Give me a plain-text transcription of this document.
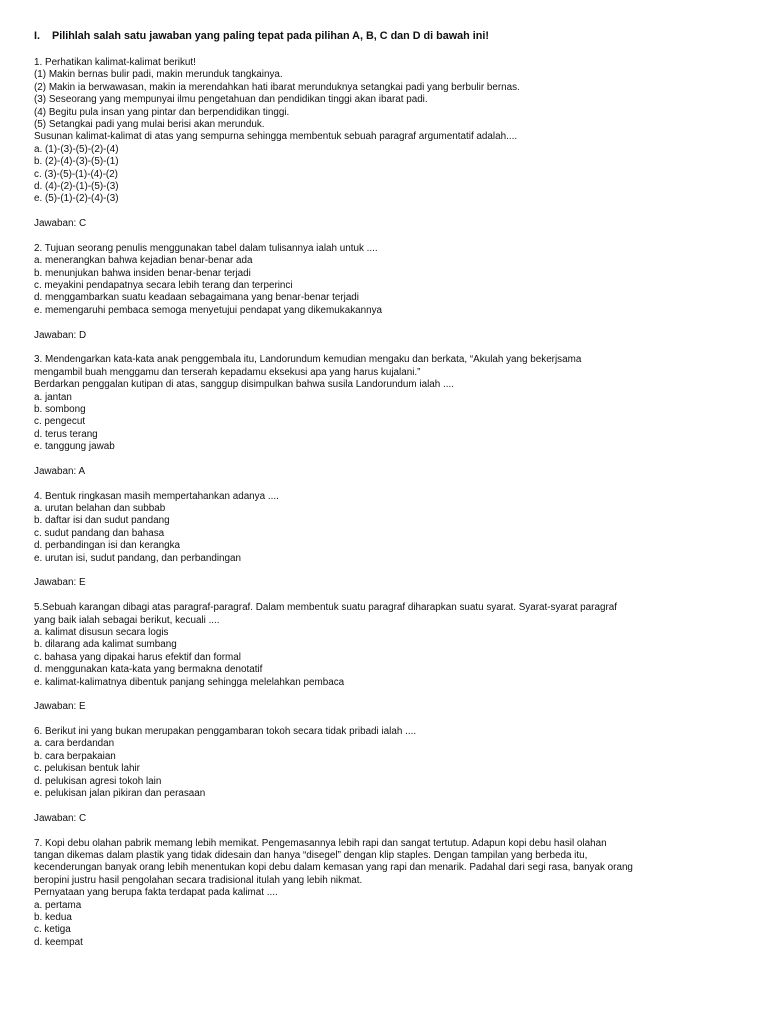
I. Pilihlah salah satu jawaban yang paling tepat pada pilihan A, B, C dan D di bawah ini!
1. Perhatikan kalimat-kalimat berikut!
(1) Makin bernas bulir padi, makin merunduk tangkainya.
(2) Makin ia berwawasan, makin ia merendahkan hati ibarat merunduknya setangkai padi yang berbulir bernas.
(3) Seseorang yang mempunyai ilmu pengetahuan dan pendidikan tinggi akan ibarat padi.
(4) Begitu pula insan yang pintar dan berpendidikan tinggi.
(5) Setangkai padi yang mulai berisi akan merunduk.
Susunan kalimat-kalimat di atas yang sempurna sehingga membentuk sebuah paragraf argumentatif adalah....
a. (1)-(3)-(5)-(2)-(4)
b. (2)-(4)-(3)-(5)-(1)
c. (3)-(5)-(1)-(4)-(2)
d. (4)-(2)-(1)-(5)-(3)
e. (5)-(1)-(2)-(4)-(3)
Jawaban: C
2. Tujuan seorang penulis menggunakan tabel dalam tulisannya ialah untuk ....
a. menerangkan bahwa kejadian benar-benar ada
b. menunjukan bahwa insiden benar-benar terjadi
c. meyakini pendapatnya secara lebih terang dan terperinci
d. menggambarkan suatu keadaan sebagaimana yang benar-benar terjadi
e. memengaruhi pembaca semoga menyetujui pendapat yang dikemukakannya
Jawaban: D
3. Mendengarkan kata-kata anak penggembala itu, Landorundum kemudian mengaku dan berkata, “Akulah yang bekerjsama
mengambil buah menggamu dan terserah kepadamu eksekusi apa yang harus kujalani.”
Berdarkan penggalan kutipan di atas, sanggup disimpulkan bahwa susila Landorundum ialah ....
a. jantan
b. sombong
c. pengecut
d. terus terang
e. tanggung jawab
Jawaban: A
4. Bentuk ringkasan masih mempertahankan adanya ....
a. urutan belahan dan subbab
b. daftar isi dan sudut pandang
c. sudut pandang dan bahasa
d. perbandingan isi dan kerangka
e. urutan isi, sudut pandang, dan perbandingan
Jawaban: E
5.Sebuah karangan dibagi atas paragraf-paragraf. Dalam membentuk suatu paragraf diharapkan suatu syarat. Syarat-syarat paragraf
yang baik ialah sebagai berikut, kecuali ....
a. kalimat disusun secara logis
b. dilarang ada kalimat sumbang
c. bahasa yang dipakai harus efektif dan formal
d. menggunakan kata-kata yang bermakna denotatif
e. kalimat-kalimatnya dibentuk panjang sehingga melelahkan pembaca
Jawaban: E
6. Berikut ini yang bukan merupakan penggambaran tokoh secara tidak pribadi ialah ....
a. cara berdandan
b. cara berpakaian
c. pelukisan bentuk lahir
d. pelukisan agresi tokoh lain
e. pelukisan jalan pikiran dan perasaan
Jawaban: C
7. Kopi debu olahan pabrik memang lebih memikat. Pengemasannya lebih rapi dan sangat tertutup. Adapun kopi debu hasil olahan
tangan dikemas dalam plastik yang tidak didesain dan hanya “disegel” dengan klip staples. Dengan tampilan yang berbeda itu,
kecenderungan banyak orang lebih menentukan kopi debu dalam kemasan yang rapi dan menarik. Padahal dari segi rasa, banyak orang
beropini justru hasil pengolahan secara tradisional itulah yang lebih nikmat.
Pernyataan yang berupa fakta terdapat pada kalimat ....
a. pertama
b. kedua
c. ketiga
d. keempat
